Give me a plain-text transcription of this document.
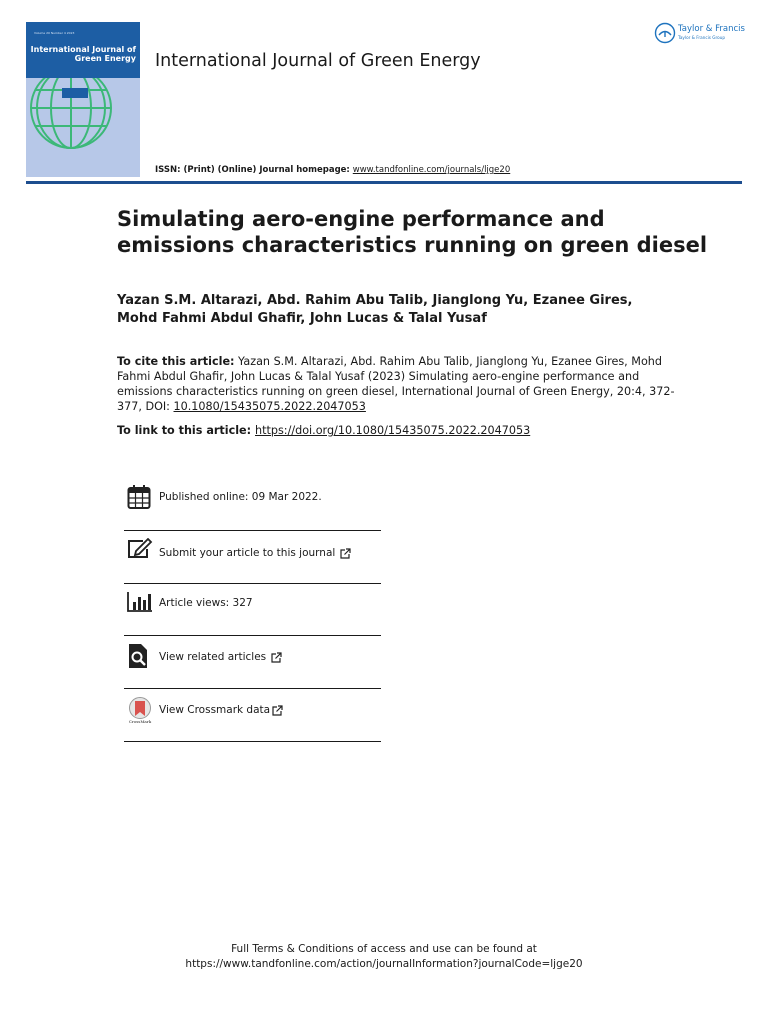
Volume 20 Number 4 2023
International Journal of Green Energy International Journal of Green Energy
Taylor & Francis
Taylor & Francis Group
ISSN: (Print) (Online) Journal homepage: www.tandfonline.com/journals/ljge20
Simulating aero-engine performance and emissions characteristics running on green diesel
Yazan S.M. Altarazi, Abd. Rahim Abu Talib, Jianglong Yu, Ezanee Gires, Mohd Fahmi Abdul Ghafir, John Lucas & Talal Yusaf
To cite this article: Yazan S.M. Altarazi, Abd. Rahim Abu Talib, Jianglong Yu, Ezanee Gires, Mohd Fahmi Abdul Ghafir, John Lucas & Talal Yusaf (2023) Simulating aero-engine performance and emissions characteristics running on green diesel, International Journal of Green Energy, 20:4, 372-377, DOI: 10.1080/15435075.2022.2047053
To link to this article: https://doi.org/10.1080/15435075.2022.2047053
Published online: 09 Mar 2022.
Submit your article to this journal
Article views: 327
View related articles
CrossMark
View Crossmark data
Full Terms & Conditions of access and use can be found at
https://www.tandfonline.com/action/journalInformation?journalCode=ljge20
